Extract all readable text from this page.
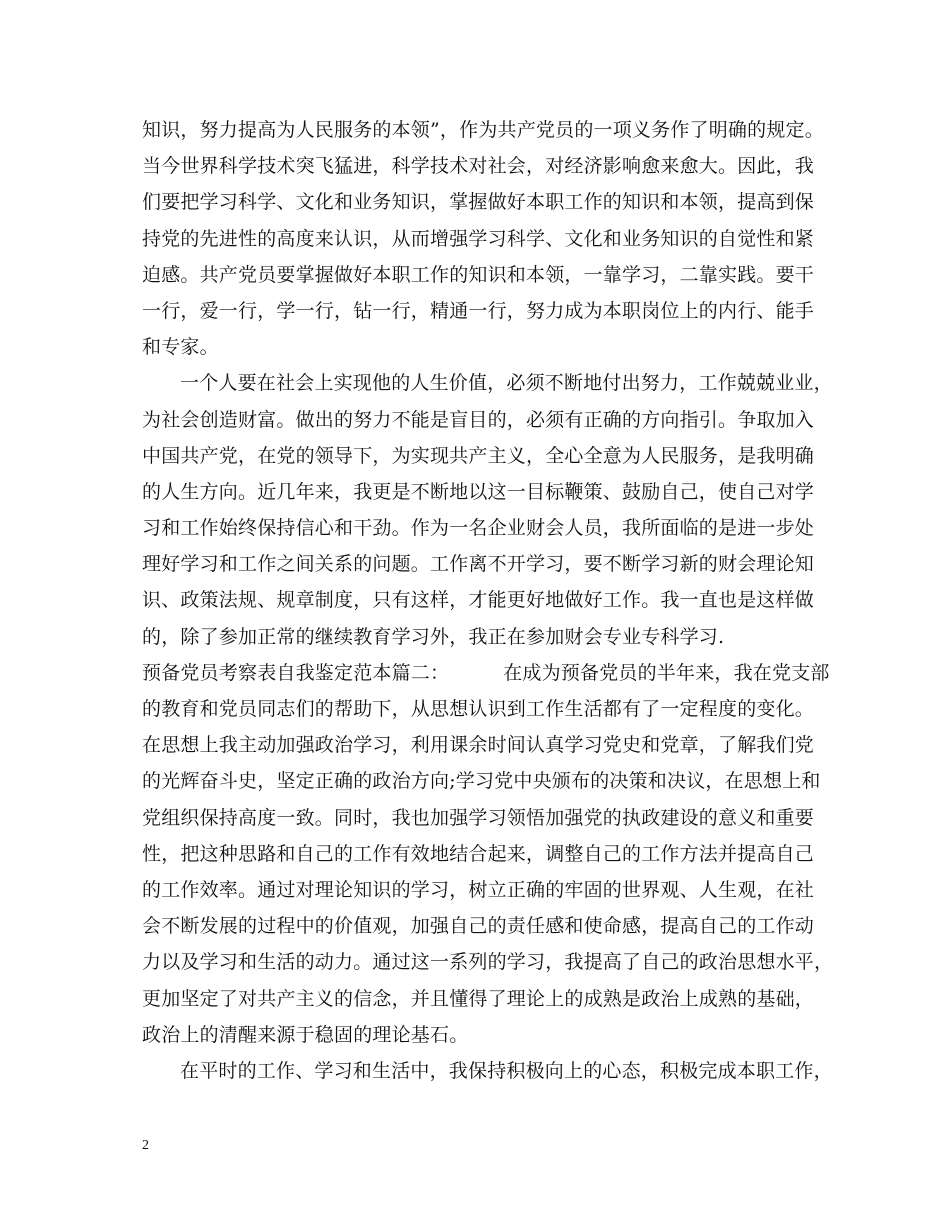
知识，努力提高为人民服务的本领”，作为共产党员的一项义务作了明确的规定。
当今世界科学技术突飞猛进，科学技术对社会，对经济影响愈来愈大。因此，我
们要把学习科学、文化和业务知识，掌握做好本职工作的知识和本领，提高到保
持党的先进性的高度来认识，从而增强学习科学、文化和业务知识的自觉性和紧
迫感。共产党员要掌握做好本职工作的知识和本领，一靠学习，二靠实践。要干
一行，爱一行，学一行，钻一行，精通一行，努力成为本职岗位上的内行、能手
和专家。
一个人要在社会上实现他的人生价值，必须不断地付出努力，工作兢兢业业，
为社会创造财富。做出的努力不能是盲目的，必须有正确的方向指引。争取加入
中国共产党，在党的领导下，为实现共产主义，全心全意为人民服务，是我明确
的人生方向。近几年来，我更是不断地以这一目标鞭策、鼓励自己，使自己对学
习和工作始终保持信心和干劲。作为一名企业财会人员，我所面临的是进一步处
理好学习和工作之间关系的问题。工作离不开学习，要不断学习新的财会理论知
识、政策法规、规章制度，只有这样，才能更好地做好工作。我一直也是这样做
的，除了参加正常的继续教育学习外，我正在参加财会专业专科学习.
预备党员考察表自我鉴定范本篇二：	在成为预备党员的半年来，我在党支部
的教育和党员同志们的帮助下，从思想认识到工作生活都有了一定程度的变化。
在思想上我主动加强政治学习，利用课余时间认真学习党史和党章，了解我们党
的光辉奋斗史，坚定正确的政治方向;学习党中央颁布的决策和决议，在思想上和
党组织保持高度一致。同时，我也加强学习领悟加强党的执政建设的意义和重要
性，把这种思路和自己的工作有效地结合起来，调整自己的工作方法并提高自己
的工作效率。通过对理论知识的学习，树立正确的牢固的世界观、人生观，在社
会不断发展的过程中的价值观，加强自己的责任感和使命感，提高自己的工作动
力以及学习和生活的动力。通过这一系列的学习，我提高了自己的政治思想水平，
更加坚定了对共产主义的信念，并且懂得了理论上的成熟是政治上成熟的基础，
政治上的清醒来源于稳固的理论基石。
在平时的工作、学习和生活中，我保持积极向上的心态，积极完成本职工作，
2
